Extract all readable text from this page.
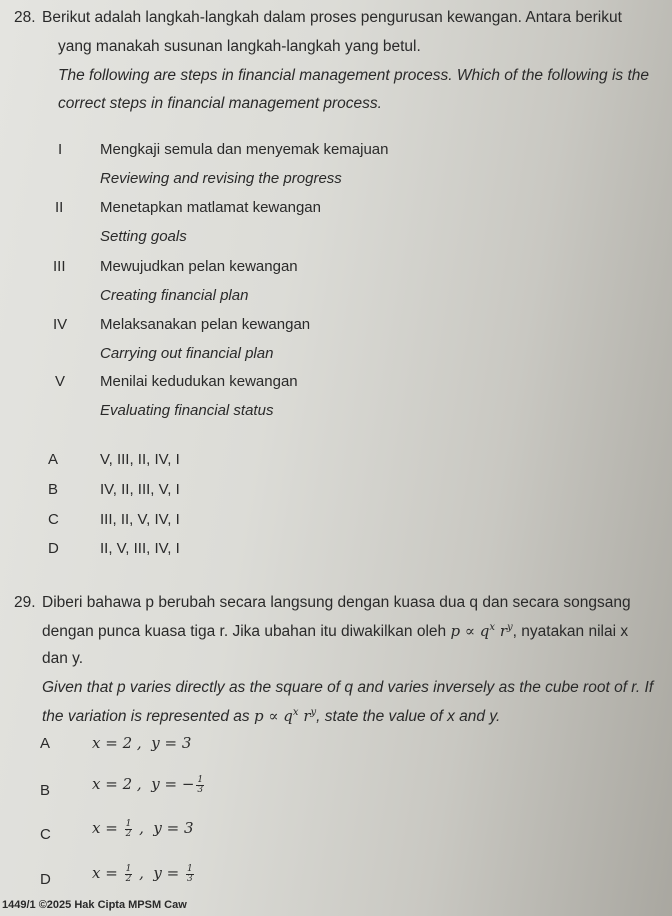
28. Berikut adalah langkah-langkah dalam proses pengurusan kewangan. Antara berikut
yang manakah susunan langkah-langkah yang betul.
The following are steps in financial management process. Which of the following is the
correct steps in financial management process.
I	Mengkaji semula dan menyemak kemajuan
Reviewing and revising the progress
II Menetapkan matlamat kewangan
Setting goals
III Mewujudkan pelan kewangan
Creating financial plan
IV Melaksanakan pelan kewangan
Carrying out financial plan
V Menilai kedudukan kewangan
Evaluating financial status
A	V, III, II, IV, I
B	IV, II, III, V, I
C	III, II, V, IV, I
D	II, V, III, IV, I
29. Diberi bahawa p berubah secara langsung dengan kuasa dua q dan secara songsang
dengan punca kuasa tiga r. Jika ubahan itu diwakilkan oleh $p \propto q^x$ $r^y$, nyatakan nilai x
dan y.
Given that p varies directly as the square of q and varies inversely as the cube root of r. If
the variation is represented as $p \propto q^x$ $r^y$, state the value of x and y.
A	x = 2 , y = 3
B	x = 2 , y = − $\frac{1}{3}$
C	$x = \frac{1}{2}$ , y = 3
D	$x = \frac{1}{2}$ , $y = \frac{1}{3}$
1449/1 ©2025 Hak Cipta MPSM Caw
